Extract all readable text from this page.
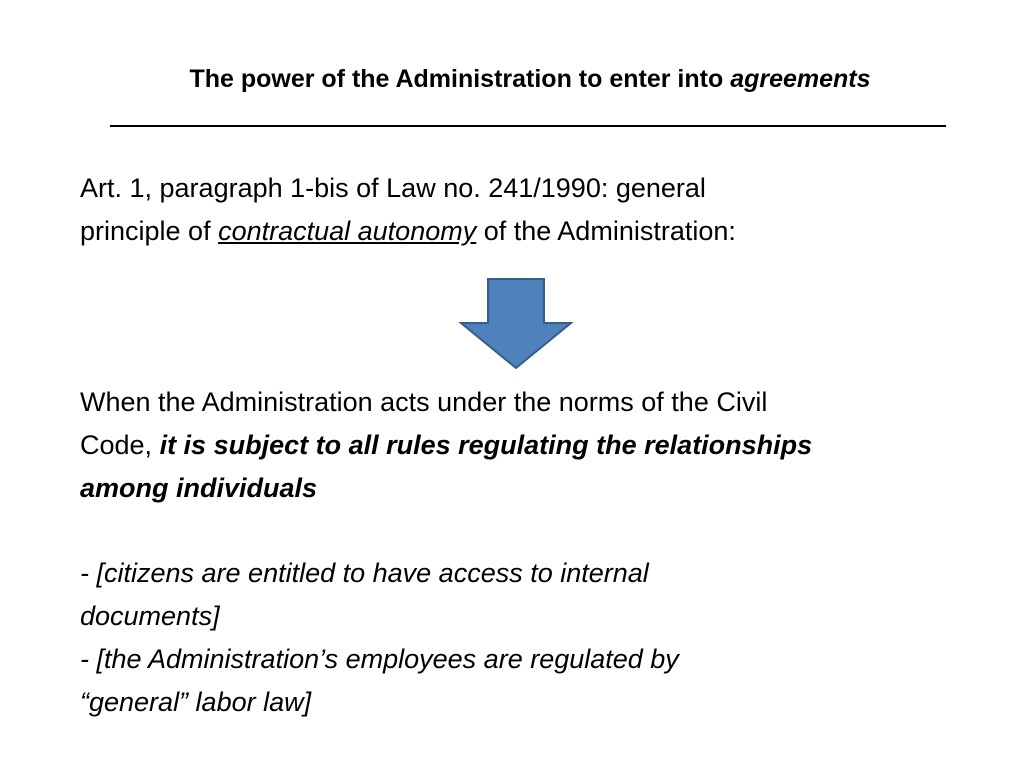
The power of the Administration to enter into agreements
Art. 1, paragraph 1-bis of Law no. 241/1990: general
principle of contractual autonomy of the Administration:
When the Administration acts under the norms of the Civil
Code, it is subject to all rules regulating the relationships
among individuals
- [citizens are entitled to have access to internal
documents]
- [the Administration’s employees are regulated by
“general” labor law]
